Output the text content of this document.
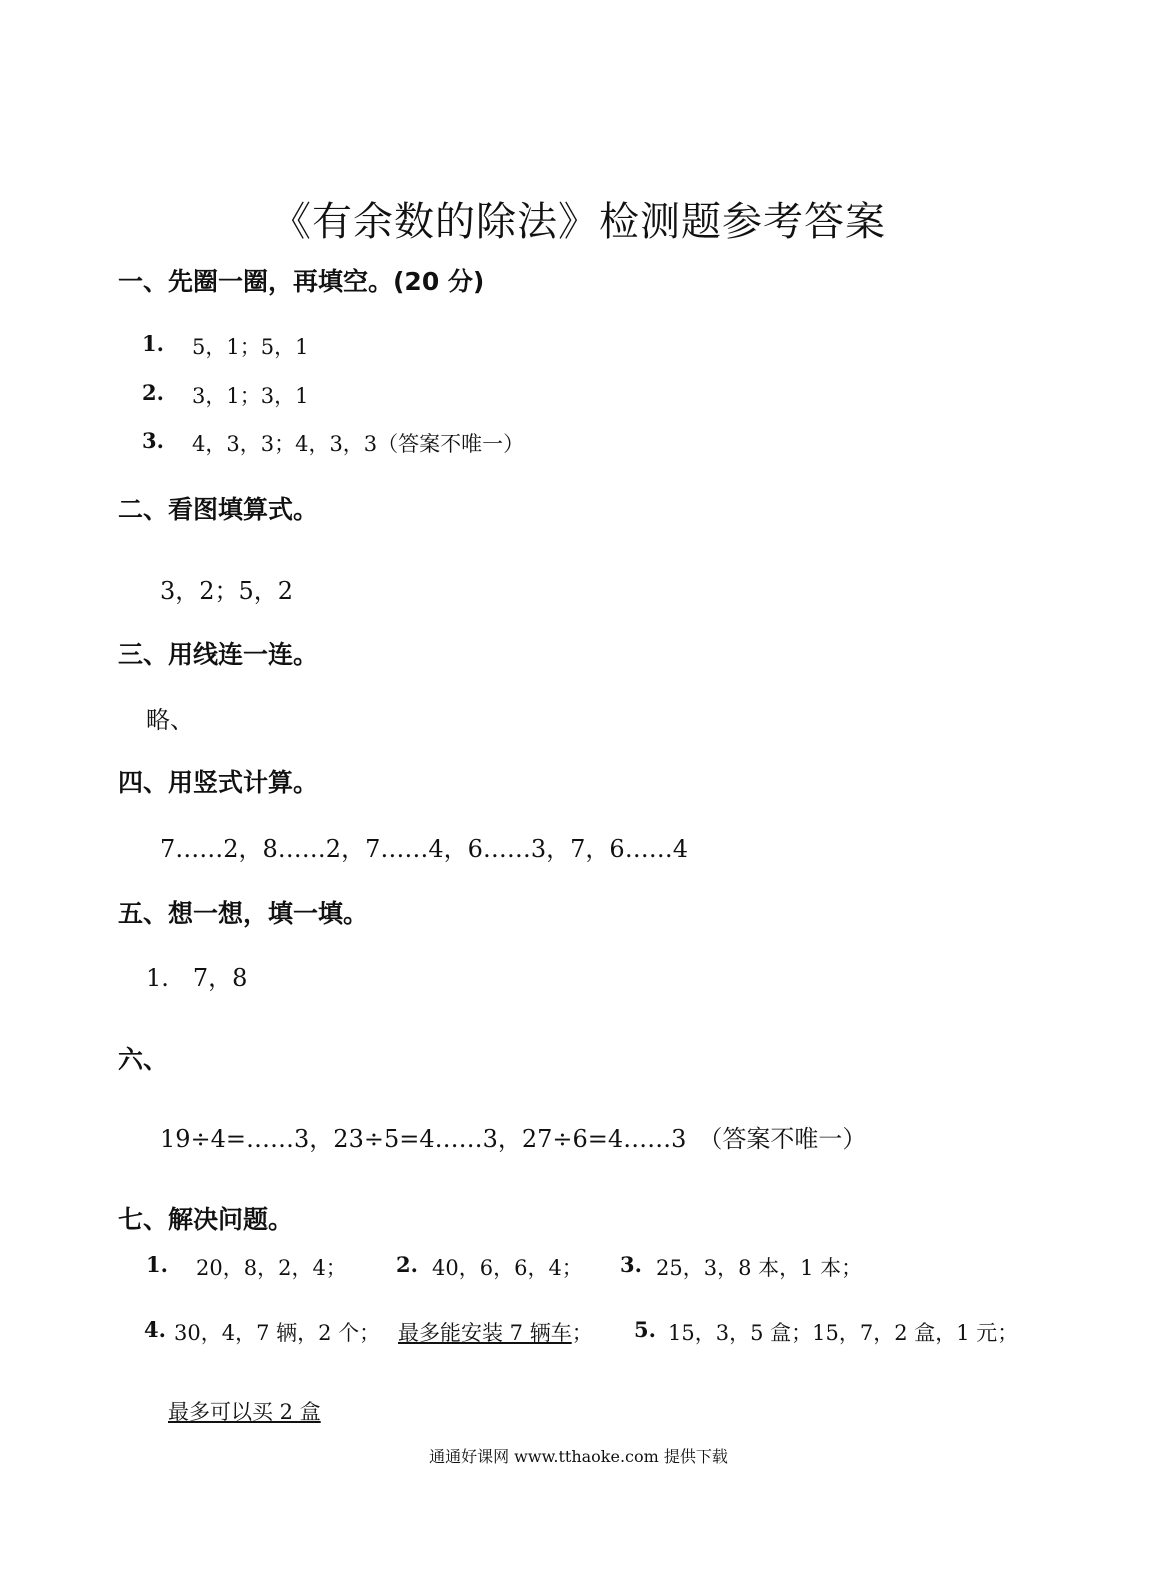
《有余数的除法》检测题参考答案
一、先圈一圈，再填空。(20 分)
1. 5，1；5，1
2. 3，1；3，1
3. 4，3，3；4，3，3（答案不唯一）
二、看图填算式。
3，2；5，2
三、用线连一连。
略、
四、用竖式计算。
7……2，8……2，7……4，6……3，7，6……4
五、想一想，填一填。
1.　7，8
六、
19÷4=……3，23÷5=4……3，27÷6=4……3　（答案不唯一）
七、解决问题。
1. 20，8，2，4； 2. 40，6，6，4； 3. 25，3，8 本，1 本；
4. 30，4，7 辆，2 个； 最多能安装 7 辆车； 5. 15，3，5 盒；15，7，2 盒，1 元；
最多可以买 2 盒
通通好课网 www.tthaoke.com 提供下载
